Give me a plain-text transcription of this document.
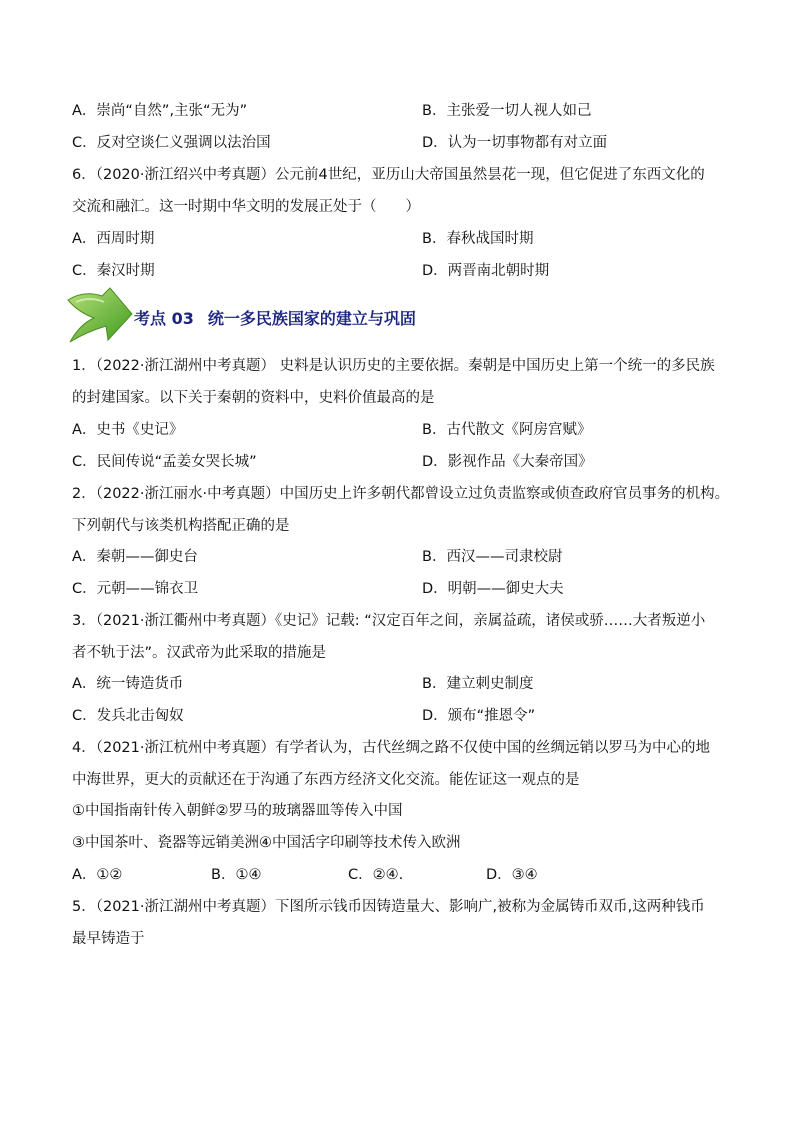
A．崇尚“自然”,主张“无为”	B．主张爱一切人视人如己
C．反对空谈仁义强调以法治国	D．认为一切事物都有对立面
6．（2020·浙江绍兴中考真题）公元前4世纪，亚历山大帝国虽然昙花一现，但它促进了东西文化的
交流和融汇。这一时期中华文明的发展正处于（　　）
A．西周时期	B．春秋战国时期
C．秦汉时期	D．两晋南北朝时期
考点 03 统一多民族国家的建立与巩固
1．（2022·浙江湖州中考真题） 史料是认识历史的主要依据。秦朝是中国历史上第一个统一的多民族
的封建国家。以下关于秦朝的资料中，史料价值最高的是
A．史书《史记》	B．古代散文《阿房宫赋》
C．民间传说“孟姜女哭长城”	D．影视作品《大秦帝国》
2．（2022·浙江丽水·中考真题）中国历史上许多朝代都曾设立过负责监察或侦查政府官员事务的机构。
下列朝代与该类机构搭配正确的是
A．秦朝——御史台	B．西汉——司隶校尉
C．元朝——锦衣卫	D．明朝——御史大夫
3．（2021·浙江衢州中考真题）《史记》记载: “汉定百年之间，亲属益疏，诸侯或骄……大者叛逆小
者不轨于法”。汉武帝为此采取的措施是
A．统一铸造货币	B．建立刺史制度
C．发兵北击匈奴	D．颁布“推恩令”
4．（2021·浙江杭州中考真题）有学者认为，古代丝绸之路不仅使中国的丝绸远销以罗马为中心的地
中海世界，更大的贡献还在于沟通了东西方经济文化交流。能佐证这一观点的是
①中国指南针传入朝鲜②罗马的玻璃器皿等传入中国
③中国茶叶、瓷器等远销美洲④中国活字印刷等技术传入欧洲
A．①②	B．①④	C．②④.	D．③④
5．（2021·浙江湖州中考真题）下图所示钱币因铸造量大、影响广,被称为金属铸币双币,这两种钱币
最早铸造于
